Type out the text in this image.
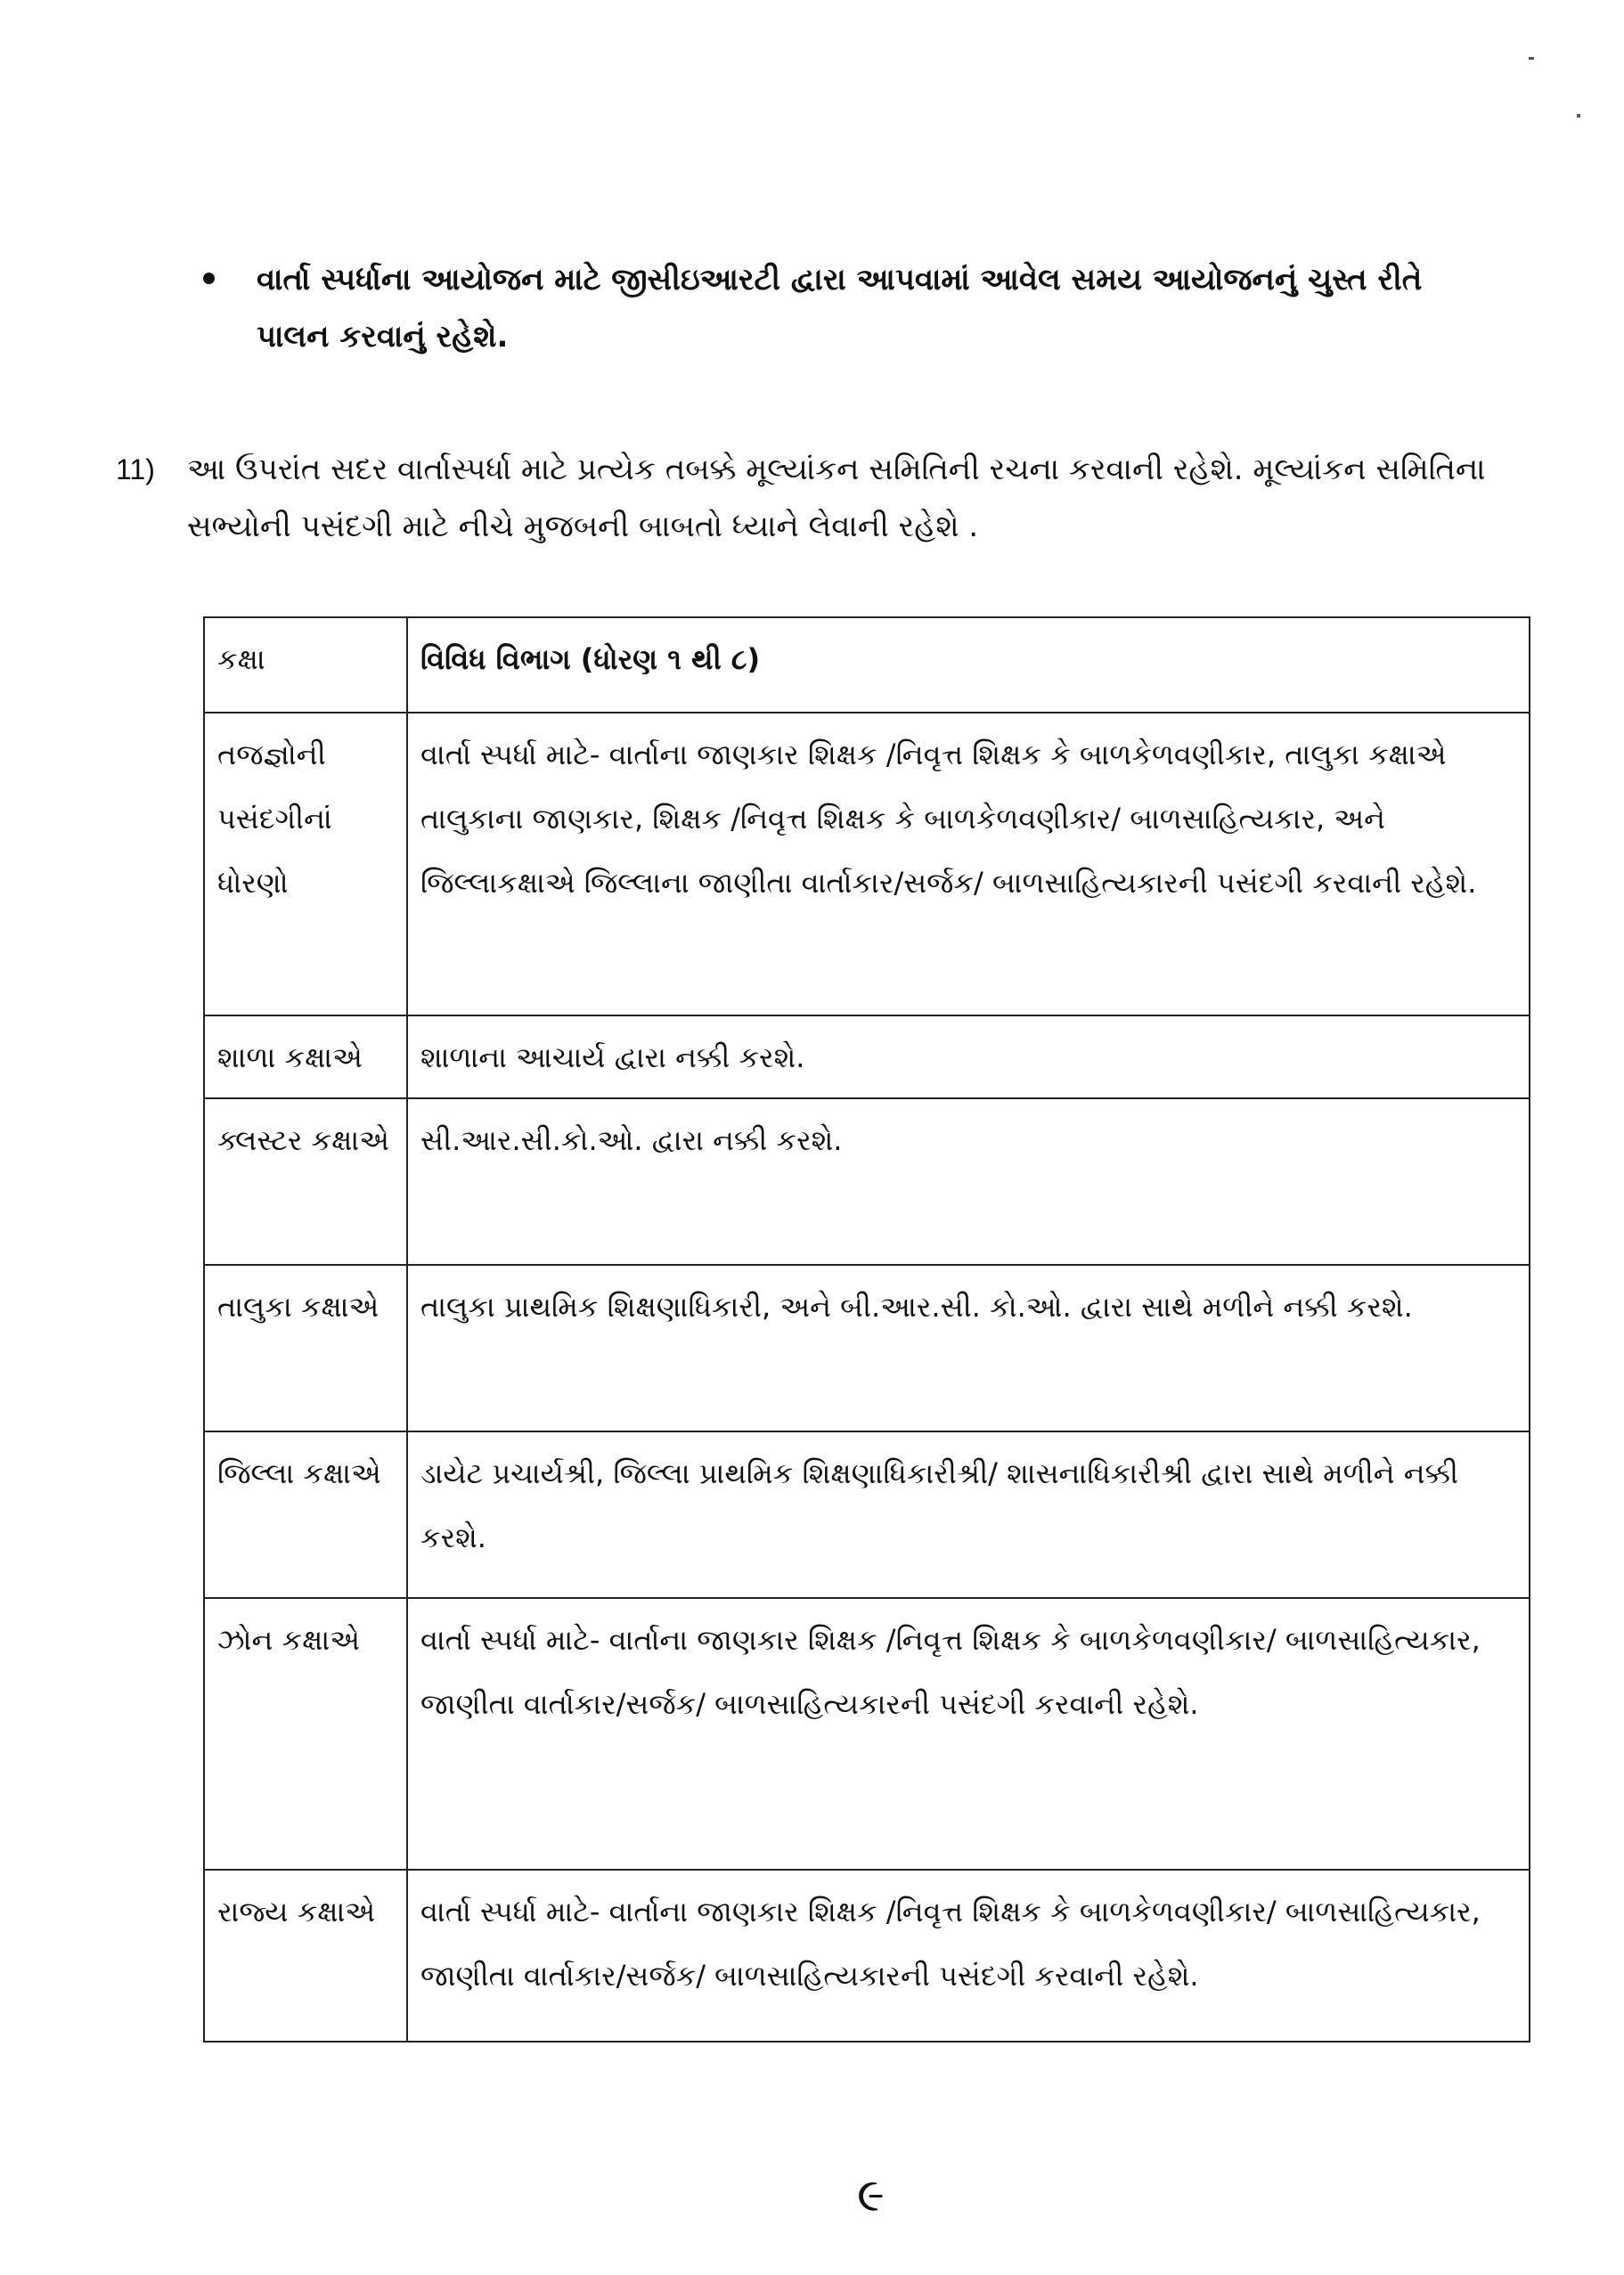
વાર્તા સ્પર્ધાના આયોજન માટે જીસીઇઆરટી દ્વારા આપવામાં આવેલ સમય આયોજનનું ચુસ્ત રીતે પાલન કરવાનું રહેશે.
11) આ ઉપરાંત સદર વાર્તાસ્પર્ધા માટે પ્રત્યેક તબક્કે મૂલ્યાંકન સમિતિની રચના કરવાની રહેશે. મૂલ્યાંકન સમિતિના સભ્યોની પસંદગી માટે નીચે મુજબની બાબતો ધ્યાને લેવાની રહેશે .
કક્ષા	વિવિધ વિભાગ (ધોરણ ૧ થી ૮)
તજજ્ઞોની પસંદગીનાં ધોરણો	વાર્તા સ્પર્ધા માટે- વાર્તાના જાણકાર શિક્ષક /નિવૃત્ત શિક્ષક કે બાળકેળવણીકાર, તાલુકા કક્ષાએ તાલુકાના જાણકાર, શિક્ષક /નિવૃત્ત શિક્ષક કે બાળકેળવણીકાર/ બાળસાહિત્યકાર, અને જિલ્લાકક્ષાએ જિલ્લાના જાણીતા વાર્તાકાર/સર્જક/ બાળસાહિત્યકારની પસંદગી કરવાની રહેશે.
શાળા કક્ષાએ	શાળાના આચાર્ય દ્વારા નક્કી કરશે.
ક્લસ્ટર કક્ષાએ	સી.આર.સી.કો.ઓ. દ્વારા નક્કી કરશે.
તાલુકા કક્ષાએ	તાલુકા પ્રાથમિક શિક્ષણાધિકારી, અને બી.આર.સી. કો.ઓ. દ્વારા સાથે મળીને નક્કી કરશે.
જિલ્લા કક્ષાએ	ડાયેટ પ્રચાર્યશ્રી, જિલ્લા પ્રાથમિક શિક્ષણાધિકારીશ્રી/ શાસનાધિકારીશ્રી દ્વારા સાથે મળીને નક્કી કરશે.
ઝોન કક્ષાએ	વાર્તા સ્પર્ધા માટે- વાર્તાના જાણકાર શિક્ષક /નિવૃત્ત શિક્ષક કે બાળકેળવણીકાર/ બાળસાહિત્યકાર, જાણીતા વાર્તાકાર/સર્જક/ બાળસાહિત્યકારની પસંદગી કરવાની રહેશે.
રાજ્ય કક્ષાએ	વાર્તા સ્પર્ધા માટે- વાર્તાના જાણકાર શિક્ષક /નિવૃત્ત શિક્ષક કે બાળકેળવણીકાર/ બાળસાહિત્યકાર, જાણીતા વાર્તાકાર/સર્જક/ બાળસાહિત્યકારની પસંદગી કરવાની રહેશે.
૯
